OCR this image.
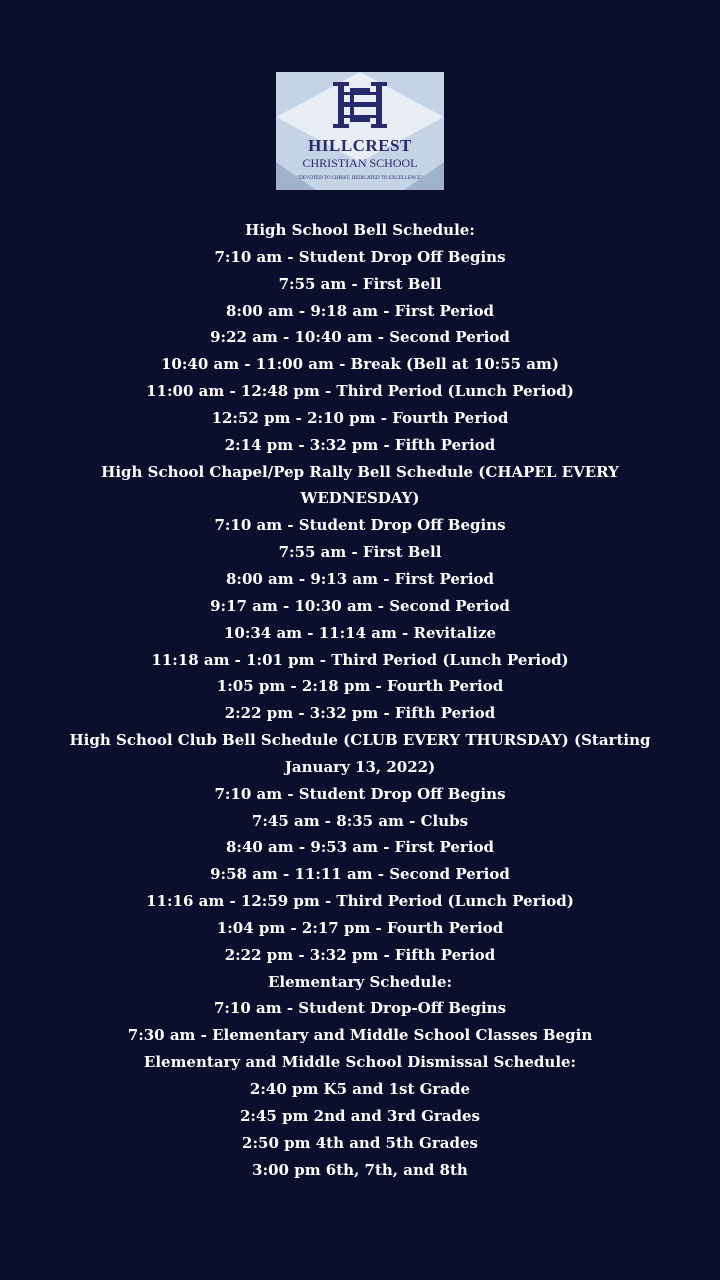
HILLCREST
CHRISTIAN SCHOOL
"DEVOTED TO CHRIST, DEDICATED TO EXCELLENCE"
High School Bell Schedule:
7:10 am - Student Drop Off Begins
7:55 am - First Bell
8:00 am - 9:18 am - First Period
9:22 am - 10:40 am - Second Period
10:40 am - 11:00 am - Break (Bell at 10:55 am)
11:00 am - 12:48 pm - Third Period (Lunch Period)
12:52 pm - 2:10 pm - Fourth Period
2:14 pm - 3:32 pm - Fifth Period
High School Chapel/Pep Rally Bell Schedule (CHAPEL EVERY WEDNESDAY)
7:10 am - Student Drop Off Begins
7:55 am - First Bell
8:00 am - 9:13 am - First Period
9:17 am - 10:30 am - Second Period
10:34 am - 11:14 am - Revitalize
11:18 am - 1:01 pm - Third Period (Lunch Period)
1:05 pm - 2:18 pm - Fourth Period
2:22 pm - 3:32 pm - Fifth Period
High School Club Bell Schedule (CLUB EVERY THURSDAY) (Starting January 13, 2022)
7:10 am - Student Drop Off Begins
7:45 am - 8:35 am - Clubs
8:40 am - 9:53 am - First Period
9:58 am - 11:11 am - Second Period
11:16 am - 12:59 pm - Third Period (Lunch Period)
1:04 pm - 2:17 pm - Fourth Period
2:22 pm - 3:32 pm - Fifth Period
Elementary Schedule:
7:10 am - Student Drop-Off Begins
7:30 am - Elementary and Middle School Classes Begin
Elementary and Middle School Dismissal Schedule:
2:40 pm K5 and 1st Grade
2:45 pm 2nd and 3rd Grades
2:50 pm 4th and 5th Grades
3:00 pm 6th, 7th, and 8th
